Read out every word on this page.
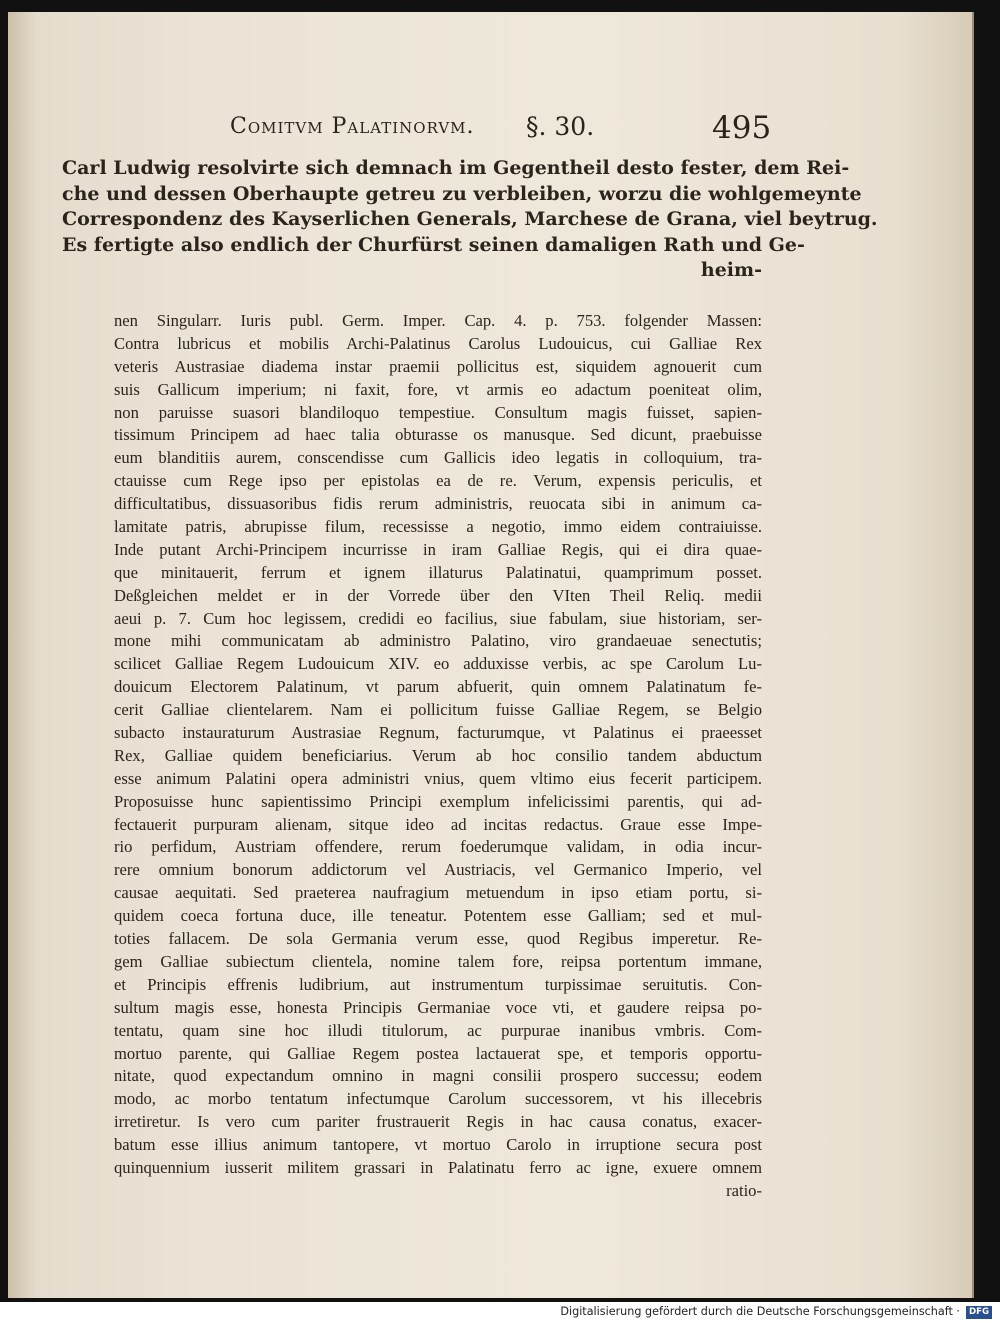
Comitvm Palatinorvm. §. 30.	495
Carl Ludwig resolvirte sich demnach im Gegentheil desto fester, dem Rei-
che und dessen Oberhaupte getreu zu verbleiben, worzu die wohlgemeynte
Correspondenz des Kayserlichen Generals, Marchese de Grana, viel beytrug.
Es fertigte also endlich der Churfürst seinen damaligen Rath und Ge-
heim-
nen Singularr. Iuris publ. Germ. Imper. Cap. 4. p. 753. folgender Massen:
Contra lubricus et mobilis Archi-Palatinus Carolus Ludouicus, cui Galliae Rex
veteris Austrasiae diadema instar praemii pollicitus est, siquidem agnouerit cum
suis Gallicum imperium; ni faxit, fore, vt armis eo adactum poeniteat olim,
non paruisse suasori blandiloquo tempestiue. Consultum magis fuisset, sapien-
tissimum Principem ad haec talia obturasse os manusque. Sed dicunt, praebuisse
eum blanditiis aurem, conscendisse cum Gallicis ideo legatis in colloquium, tra-
ctauisse cum Rege ipso per epistolas ea de re. Verum, expensis periculis, et
difficultatibus, dissuasoribus fidis rerum administris, reuocata sibi in animum ca-
lamitate patris, abrupisse filum, recessisse a negotio, immo eidem contraiuisse.
Inde putant Archi-Principem incurrisse in iram Galliae Regis, qui ei dira quae-
que minitauerit, ferrum et ignem illaturus Palatinatui, quamprimum posset.
Deßgleichen meldet er in der Vorrede über den VIten Theil Reliq. medii
aeui p. 7. Cum hoc legissem, credidi eo facilius, siue fabulam, siue historiam, ser-
mone mihi communicatam ab administro Palatino, viro grandaeuae senectutis;
scilicet Galliae Regem Ludouicum XIV. eo adduxisse verbis, ac spe Carolum Lu-
douicum Electorem Palatinum, vt parum abfuerit, quin omnem Palatinatum fe-
cerit Galliae clientelarem. Nam ei pollicitum fuisse Galliae Regem, se Belgio
subacto instauraturum Austrasiae Regnum, facturumque, vt Palatinus ei praeesset
Rex, Galliae quidem beneficiarius. Verum ab hoc consilio tandem abductum
esse animum Palatini opera administri vnius, quem vltimo eius fecerit participem.
Proposuisse hunc sapientissimo Principi exemplum infelicissimi parentis, qui ad-
fectauerit purpuram alienam, sitque ideo ad incitas redactus. Graue esse Impe-
rio perfidum, Austriam offendere, rerum foederumque validam, in odia incur-
rere omnium bonorum addictorum vel Austriacis, vel Germanico Imperio, vel
causae aequitati. Sed praeterea naufragium metuendum in ipso etiam portu, si-
quidem coeca fortuna duce, ille teneatur. Potentem esse Galliam; sed et mul-
toties fallacem. De sola Germania verum esse, quod Regibus imperetur. Re-
gem Galliae subiectum clientela, nomine talem fore, reipsa portentum immane,
et Principis effrenis ludibrium, aut instrumentum turpissimae seruitutis. Con-
sultum magis esse, honesta Principis Germaniae voce vti, et gaudere reipsa po-
tentatu, quam sine hoc illudi titulorum, ac purpurae inanibus vmbris. Com-
mortuo parente, qui Galliae Regem postea lactauerat spe, et temporis opportu-
nitate, quod expectandum omnino in magni consilii prospero successu; eodem
modo, ac morbo tentatum infectumque Carolum successorem, vt his illecebris
irretiretur. Is vero cum pariter frustrauerit Regis in hac causa conatus, exacer-
batum esse illius animum tantopere, vt mortuo Carolo in irruptione secura post
quinquennium iusserit militem grassari in Palatinatu ferro ac igne, exuere omnem
ratio-
Digitalisierung gefördert durch die Deutsche Forschungsgemeinschaft ·	DFG
